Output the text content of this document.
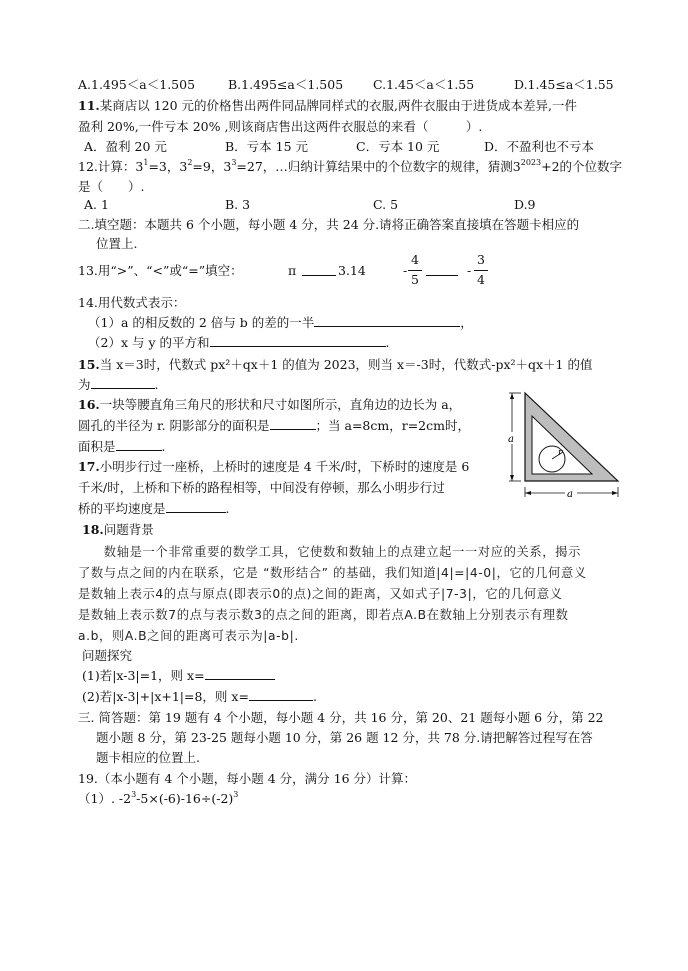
A.1.495＜a＜1.505	B.1.495≤a＜1.505 C.1.45＜a＜1.55	D.1.45≤a＜1.55
11.某商店以 120 元的价格售出两件同品牌同样式的衣服,两件衣服由于进货成本差异,一件
盈利 20%,一件亏本 20% ,则该商店售出这两件衣服总的来看（　　　）.
A．盈利 20 元	B．亏本 15 元	C．亏本 10 元	D．不盈利也不亏本
12.计算：$3^1=3$，$3^2=9$，$3^3=27$，…归纳计算结果中的个位数字的规律，猜测$3^{2023}+2$的个位数字
是（　　）.
A. 1	B. 3	C. 5	D.9
二.填空题：本题共 6 个小题，每小题 4 分，共 24 分.请将正确答案直接填在答题卡相应的
位置上.
13.用“>”、“<”或“=”填空：	π	3.14	-
4
5
-
3
4
14.用代数式表示：
（1）a 的相反数的 2 倍与 b 的差的一半	，
（2）x 与 y 的平方和	.
15.当 x＝3时，代数式 px²＋qx＋1 的值为 2023，则当 x＝-3时，代数式-px²＋qx＋1 的值
为	.
16.一块等腰直角三角尺的形状和尺寸如图所示，直角边的边长为 a，
圆孔的半径为 r. 阴影部分的面积是	；当 a=8cm，r=2cm时，
面积是	.	r
a
a
17.小明步行过一座桥，上桥时的速度是 4 千米/时，下桥时的速度是 6
千米/时，上桥和下桥的路程相等，中间没有停顿，那么小明步行过
桥的平均速度是	.
18.问题背景
　　数轴是一个非常重要的数学工具，它使数和数轴上的点建立起一一对应的关系，揭示
了数与点之间的内在联系，它是 “数形结合” 的基础，我们知道|4|=|4-0|，它的几何意义
是数轴上表示4的点与原点(即表示0的点)之间的距离，又如式子|7-3|，它的几何意义
是数轴上表示数7的点与表示数3的点之间的距离，即若点A.B在数轴上分别表示有理数
a.b，则A.B之间的距离可表示为|a-b|.
问题探究
(1)若|x-3|=1，则 x=
(2)若|x-3|+|x+1|=8，则 x=	.
三. 简答题：第 19 题有 4 个小题，每小题 4 分，共 16 分，第 20、21 题每小题 6 分，第 22
题小题 8 分，第 23-25 题每小题 10 分，第 26 题 12 分，共 78 分.请把解答过程写在答
题卡相应的位置上.
19.（本小题有 4 个小题，每小题 4 分，满分 16 分）计算：
（1）. $-2^3-5\times(-6)-16\div(-2)^3$
